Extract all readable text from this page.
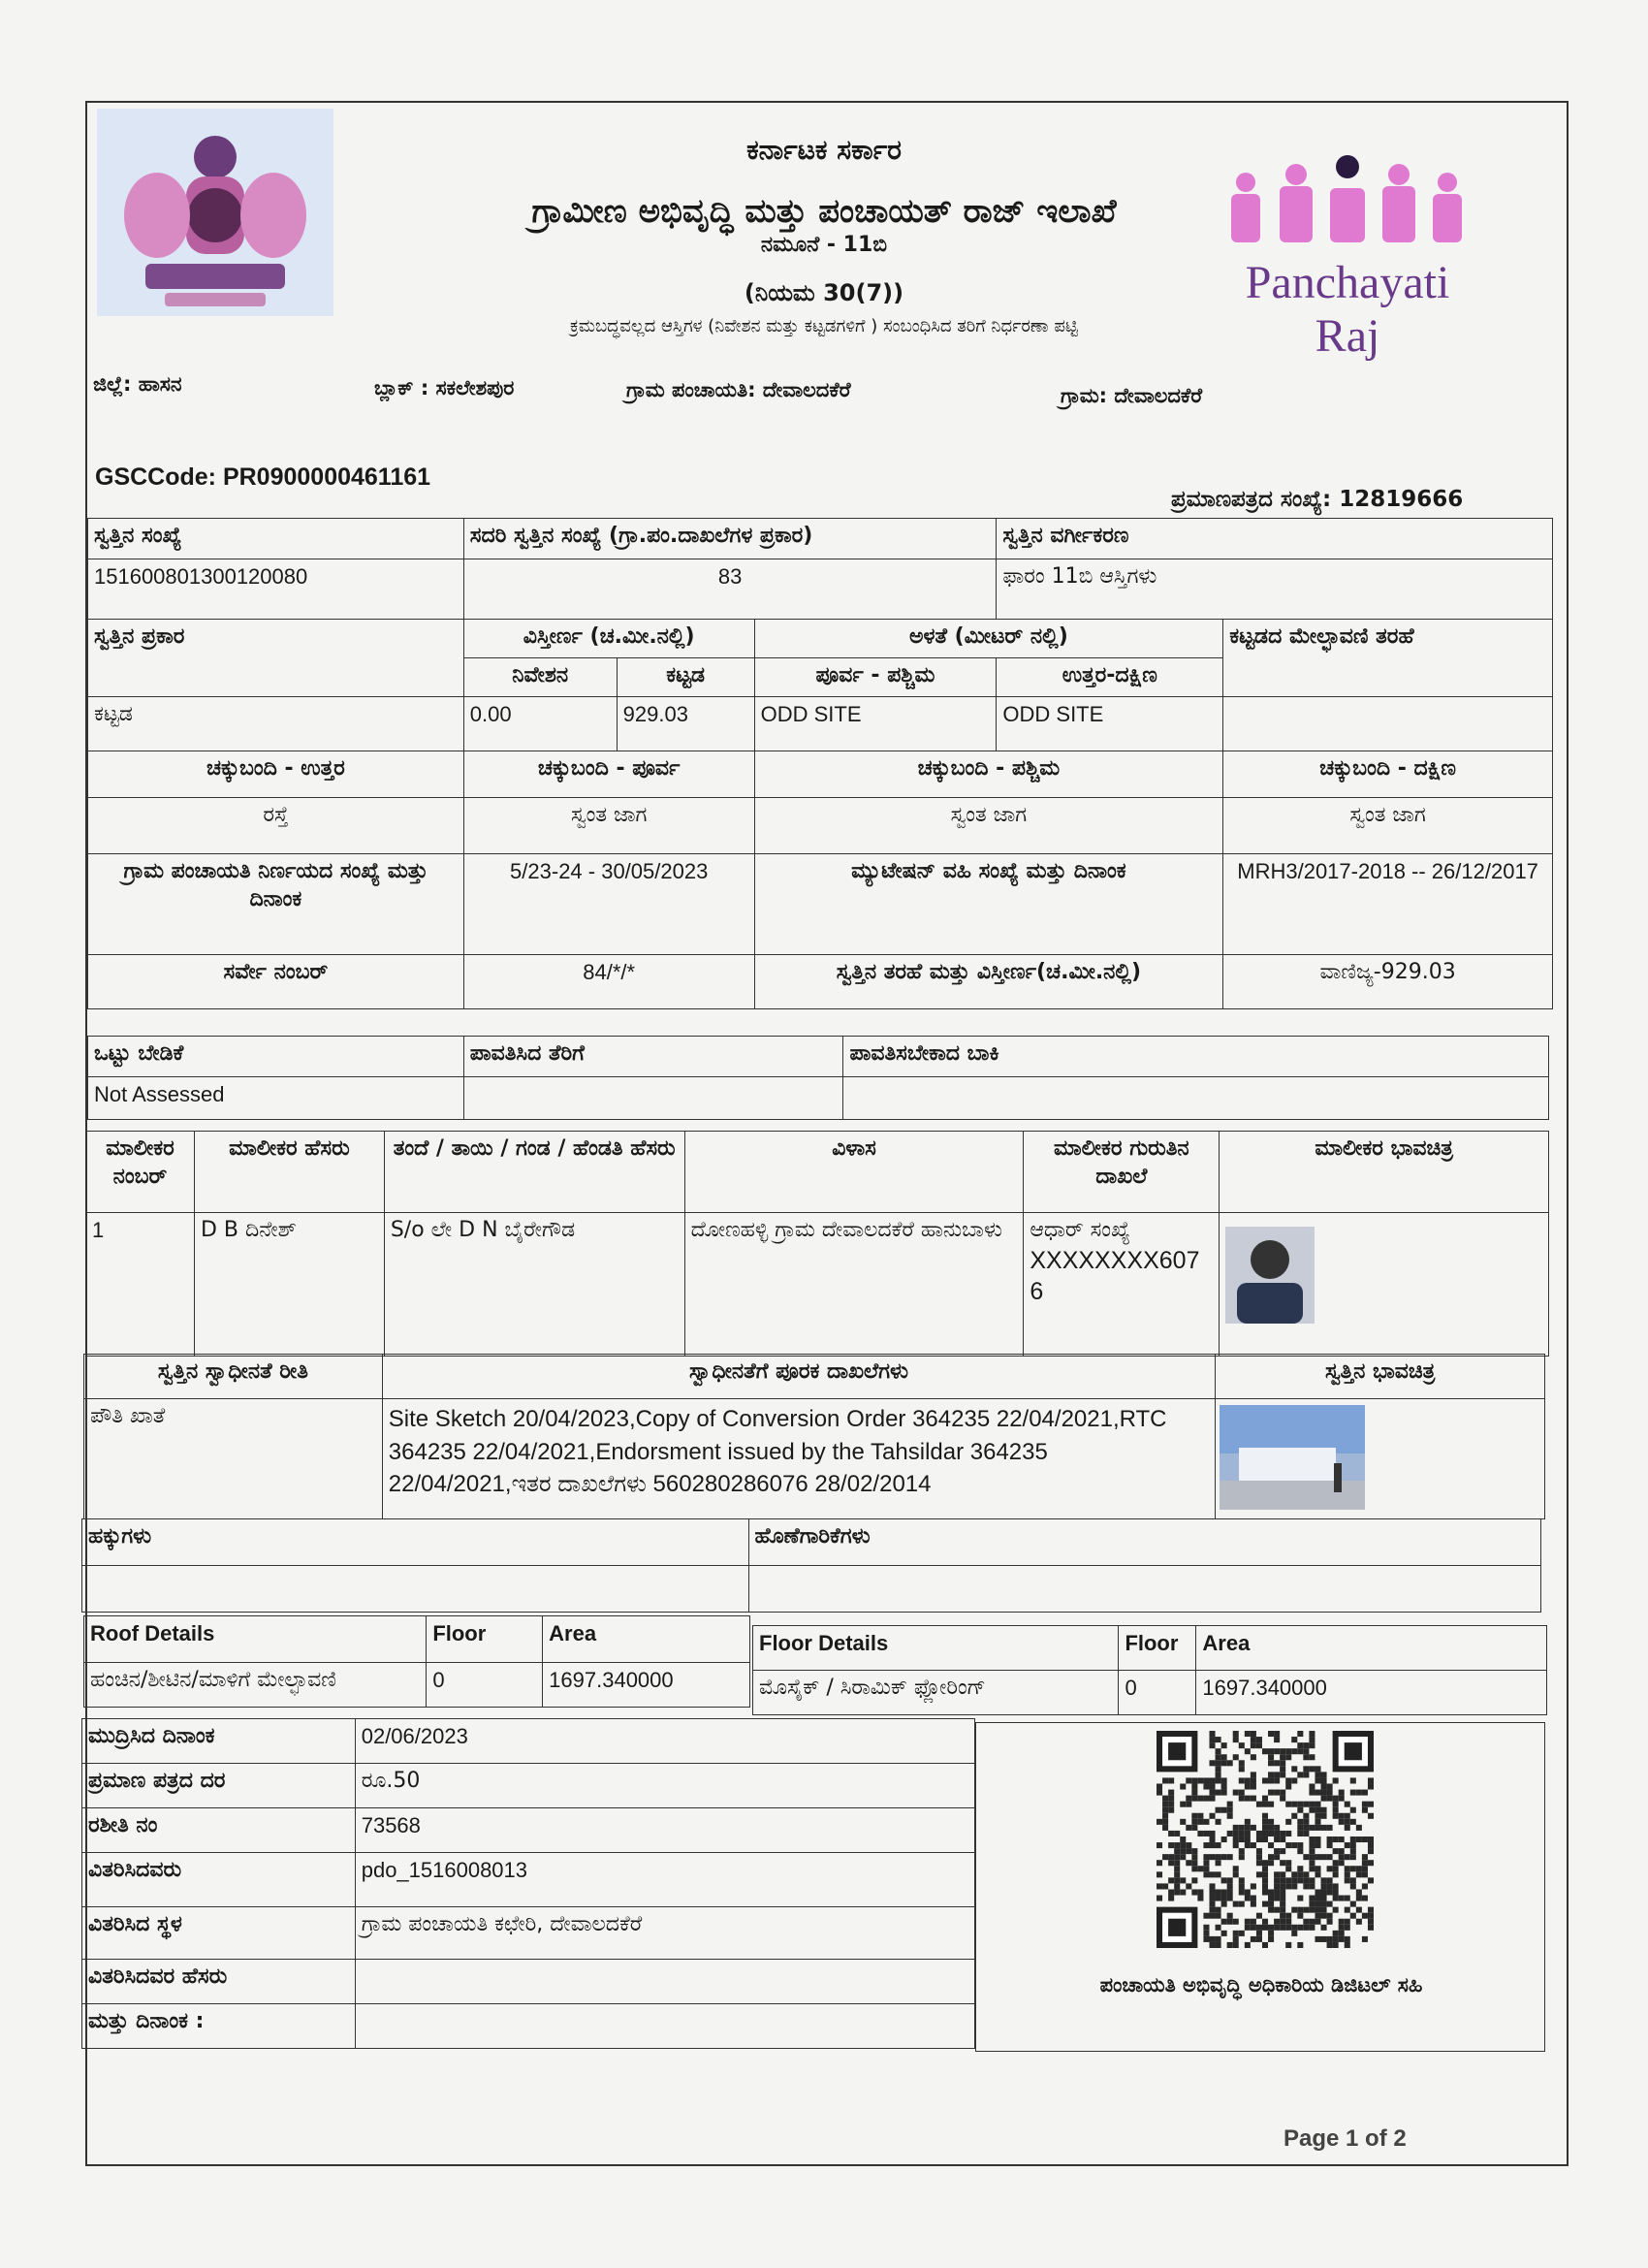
Panchayati Raj
ಕರ್ನಾಟಕ ಸರ್ಕಾರ
ಗ್ರಾಮೀಣ ಅಭಿವೃದ್ಧಿ ಮತ್ತು ಪಂಚಾಯತ್ ರಾಜ್ ಇಲಾಖೆ
ನಮೂನೆ - 11ಬಿ
(ನಿಯಮ 30(7))
ಕ್ರಮಬದ್ಧವಲ್ಲದ ಆಸ್ತಿಗಳ (ನಿವೇಶನ ಮತ್ತು ಕಟ್ಟಡಗಳಿಗೆ ) ಸಂಬಂಧಿಸಿದ ತರಿಗೆ ನಿರ್ಧರಣಾ ಪಟ್ಟಿ
ಜಿಲ್ಲೆ: ಹಾಸನ	ಬ್ಲಾಕ್ : ಸಕಲೇಶಪುರ	ಗ್ರಾಮ ಪಂಚಾಯತಿ: ದೇವಾಲದಕೆರೆ	ಗ್ರಾಮ: ದೇವಾಲದಕೆರೆ
GSCCode: PR0900000461161
ಪ್ರಮಾಣಪತ್ರದ ಸಂಖ್ಯೆ: 12819666
ಸ್ವತ್ತಿನ ಸಂಖ್ಯೆ	ಸದರಿ ಸ್ವತ್ತಿನ ಸಂಖ್ಯೆ (ಗ್ರಾ.ಪಂ.ದಾಖಲೆಗಳ ಪ್ರಕಾರ)			ಸ್ವತ್ತಿನ ವರ್ಗೀಕರಣ	
151600801300120080	83			ಫಾರಂ 11ಬಿ ಆಸ್ತಿಗಳು	
ಸ್ವತ್ತಿನ ಪ್ರಕಾರ	ವಿಸ್ತೀರ್ಣ (ಚ.ಮೀ.ನಲ್ಲಿ)		ಅಳತೆ (ಮೀಟರ್ ನಲ್ಲಿ)		ಕಟ್ಟಡದ ಮೇಲ್ಛಾವಣಿ ತರಹೆ
	ನಿವೇಶನ	ಕಟ್ಟಡ	ಪೂರ್ವ - ಪಶ್ಚಿಮ	ಉತ್ತರ-ದಕ್ಷಿಣ	
ಕಟ್ಟಡ	0.00	929.03	ODD SITE	ODD SITE	
ಚಕ್ಕುಬಂದಿ - ಉತ್ತರ	ಚಕ್ಕುಬಂದಿ - ಪೂರ್ವ		ಚಕ್ಕುಬಂದಿ - ಪಶ್ಚಿಮ		ಚಕ್ಕುಬಂದಿ - ದಕ್ಷಿಣ
ರಸ್ತೆ	ಸ್ವಂತ ಜಾಗ		ಸ್ವಂತ ಜಾಗ		ಸ್ವಂತ ಜಾಗ
ಗ್ರಾಮ ಪಂಚಾಯತಿ ನಿರ್ಣಯದ ಸಂಖ್ಯೆ ಮತ್ತು ದಿನಾಂಕ	5/23-24 - 30/05/2023		ಮ್ಯುಟೇಷನ್ ವಹಿ ಸಂಖ್ಯೆ ಮತ್ತು ದಿನಾಂಕ		MRH3/2017-2018 -- 26/12/2017
ಸರ್ವೇ ನಂಬರ್	84/*/*		ಸ್ವತ್ತಿನ ತರಹೆ ಮತ್ತು ವಿಸ್ತೀರ್ಣ(ಚ.ಮೀ.ನಲ್ಲಿ)		ವಾಣಿಜ್ಯ-929.03
ಒಟ್ಟು ಬೇಡಿಕೆ	ಪಾವತಿಸಿದ ತೆರಿಗೆ	ಪಾವತಿಸಬೇಕಾದ ಬಾಕಿ
Not Assessed		
ಮಾಲೀಕರ ನಂಬರ್	ಮಾಲೀಕರ ಹೆಸರು	ತಂದೆ / ತಾಯಿ / ಗಂಡ / ಹೆಂಡತಿ ಹೆಸರು	ವಿಳಾಸ	ಮಾಲೀಕರ ಗುರುತಿನ ದಾಖಲೆ	ಮಾಲೀಕರ ಭಾವಚಿತ್ರ
1	D B ದಿನೇಶ್	S/o ಲೇ D N ಬೈರೇಗೌಡ	ದೋಣಹಳ್ಳಿ ಗ್ರಾಮ ದೇವಾಲದಕೆರೆ ಹಾನುಬಾಳು	ಆಧಾರ್ ಸಂಖ್ಯೆ
XXXXXXXX6076

ಸ್ವತ್ತಿನ ಸ್ವಾಧೀನತೆ ರೀತಿ	ಸ್ವಾಧೀನತೆಗೆ ಪೂರಕ ದಾಖಲೆಗಳು	ಸ್ವತ್ತಿನ ಭಾವಚಿತ್ರ
ಪೌತಿ ಖಾತೆ	Site Sketch 20/04/2023,Copy of Conversion Order 364235 22/04/2021,RTC 364235 22/04/2021,Endorsment issued by the Tahsildar 364235 22/04/2021,ಇತರ ದಾಖಲೆಗಳು 560280286076 28/02/2014	
ಹಕ್ಕುಗಳು	ಹೊಣೆಗಾರಿಕೆಗಳು

Roof Details	Floor	Area
ಹಂಚಿನ/ಶೀಟಿನ/ಮಾಳಿಗೆ ಮೇಲ್ಛಾವಣಿ	0	1697.340000
Floor Details	Floor	Area
ಮೊಸೈಕ್ / ಸಿರಾಮಿಕ್ ಫ್ಲೋರಿಂಗ್	0	1697.340000
ಮುದ್ರಿಸಿದ ದಿನಾಂಕ	02/06/2023
ಪ್ರಮಾಣ ಪತ್ರದ ದರ	ರೂ.50
ರಶೀತಿ ನಂ	73568
ವಿತರಿಸಿದವರು	pdo_1516008013
ವಿತರಿಸಿದ ಸ್ಥಳ	ಗ್ರಾಮ ಪಂಚಾಯತಿ ಕಛೇರಿ, ದೇವಾಲದಕೆರೆ
ವಿತರಿಸಿದವರ ಹೆಸರು	
ಮತ್ತು ದಿನಾಂಕ :	
ಪಂಚಾಯತಿ ಅಭಿವೃದ್ಧಿ ಅಧಿಕಾರಿಯ ಡಿಜಿಟಲ್ ಸಹಿ
Page 1 of 2
